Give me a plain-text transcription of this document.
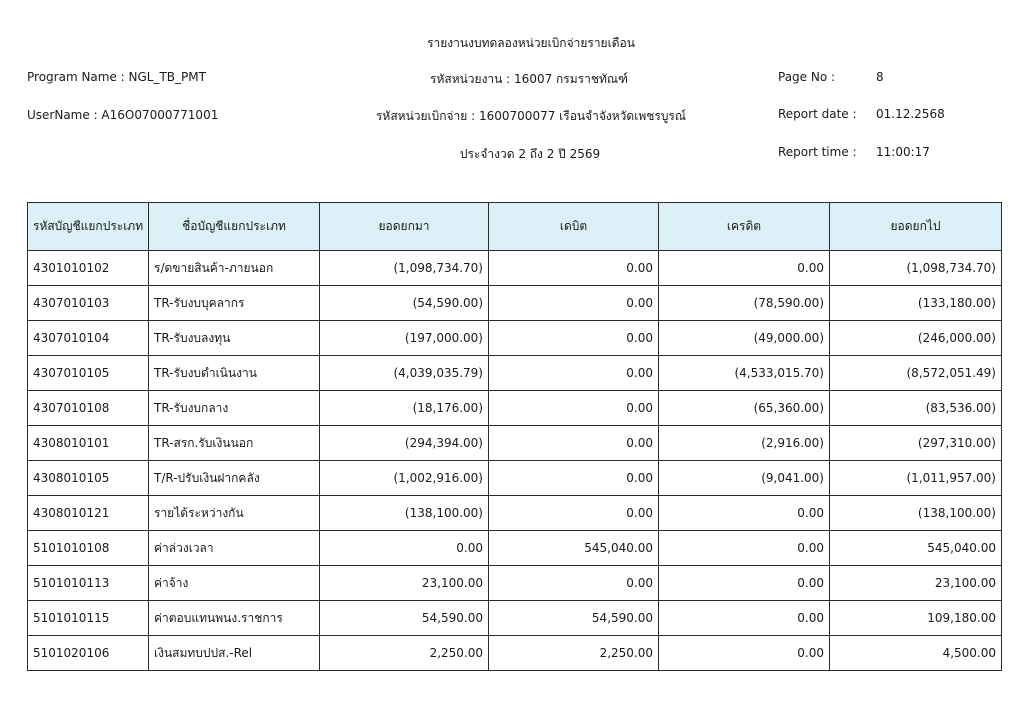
รายงานงบทดลองหน่วยเบิกจ่ายรายเดือน
Program Name : NGL_TB_PMT	รหัสหน่วยงาน : 16007 กรมราชทัณฑ์	Page No :	8
UserName : A16O07000771001	รหัสหน่วยเบิกจ่าย : 1600700077 เรือนจำจังหวัดเพชรบูรณ์	Report date : 01.12.2568
ประจำงวด 2 ถึง 2 ปี 2569	Report time : 11:00:17
รหัสบัญชีแยกประเภท	ชื่อบัญชีแยกประเภท	ยอดยกมา	เดบิต	เครดิต	ยอดยกไป
4301010102	ร/ดขายสินค้า-ภายนอก	(1,098,734.70)	0.00	0.00	(1,098,734.70)
4307010103	TR-รับงบบุคลากร	(54,590.00)	0.00	(78,590.00)	(133,180.00)
4307010104	TR-รับงบลงทุน	(197,000.00)	0.00	(49,000.00)	(246,000.00)
4307010105	TR-รับงบดำเนินงาน	(4,039,035.79)	0.00	(4,533,015.70)	(8,572,051.49)
4307010108	TR-รับงบกลาง	(18,176.00)	0.00	(65,360.00)	(83,536.00)
4308010101	TR-สรก.รับเงินนอก	(294,394.00)	0.00	(2,916.00)	(297,310.00)
4308010105	T/R-ปรับเงินฝากคลัง	(1,002,916.00)	0.00	(9,041.00)	(1,011,957.00)
4308010121	รายได้ระหว่างกัน	(138,100.00)	0.00	0.00	(138,100.00)
5101010108	ค่าล่วงเวลา	0.00	545,040.00	0.00	545,040.00
5101010113	ค่าจ้าง	23,100.00	0.00	0.00	23,100.00
5101010115	ค่าตอบแทนพนง.ราชการ	54,590.00	54,590.00	0.00	109,180.00
5101020106	เงินสมทบปปส.-Rel	2,250.00	2,250.00	0.00	4,500.00
